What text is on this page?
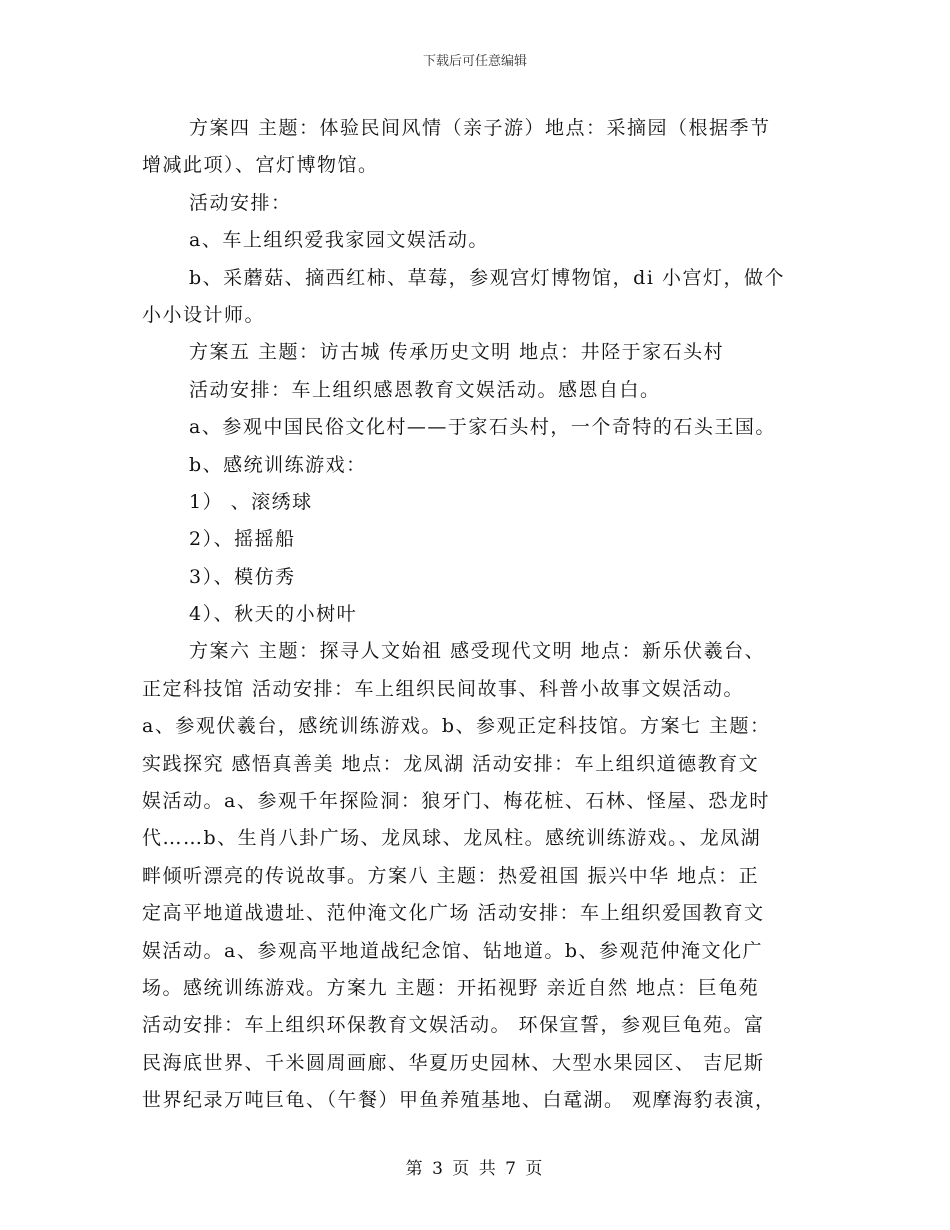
下载后可任意编辑
方案四 主题：体验民间风情（亲子游）地点：采摘园（根据季节
增减此项）、宫灯博物馆。
活动安排：
a、车上组织爱我家园文娱活动。
b、采蘑菇、摘西红柿、草莓，参观宫灯博物馆，di 小宫灯，做个
小小设计师。
方案五 主题：访古城 传承历史文明 地点：井陉于家石头村
活动安排：车上组织感恩教育文娱活动。感恩自白。
a、参观中国民俗文化村——于家石头村，一个奇特的石头王国。
b、感统训练游戏：
1） 、滚绣球
2）、摇摇船
3）、模仿秀
4）、秋天的小树叶
方案六 主题：探寻人文始祖 感受现代文明 地点：新乐伏羲台、
正定科技馆 活动安排：车上组织民间故事、科普小故事文娱活动。
a、参观伏羲台，感统训练游戏。b、参观正定科技馆。方案七 主题：
实践探究 感悟真善美 地点：龙凤湖 活动安排：车上组织道德教育文
娱活动。a、参观千年探险洞：狼牙门、梅花桩、石林、怪屋、恐龙时
代……b、生肖八卦广场、龙凤球、龙凤柱。感统训练游戏。、龙凤湖
畔倾听漂亮的传说故事。方案八 主题：热爱祖国 振兴中华 地点：正
定高平地道战遗址、范仲淹文化广场 活动安排：车上组织爱国教育文
娱活动。a、参观高平地道战纪念馆、钻地道。b、参观范仲淹文化广
场。感统训练游戏。方案九 主题：开拓视野 亲近自然 地点：巨龟苑
活动安排：车上组织环保教育文娱活动。 环保宣誓，参观巨龟苑。富
民海底世界、千米圆周画廊、华夏历史园林、大型水果园区、 吉尼斯
世界纪录万吨巨龟、（午餐）甲鱼养殖基地、白鼋湖。 观摩海豹表演，
第 3 页 共 7 页
